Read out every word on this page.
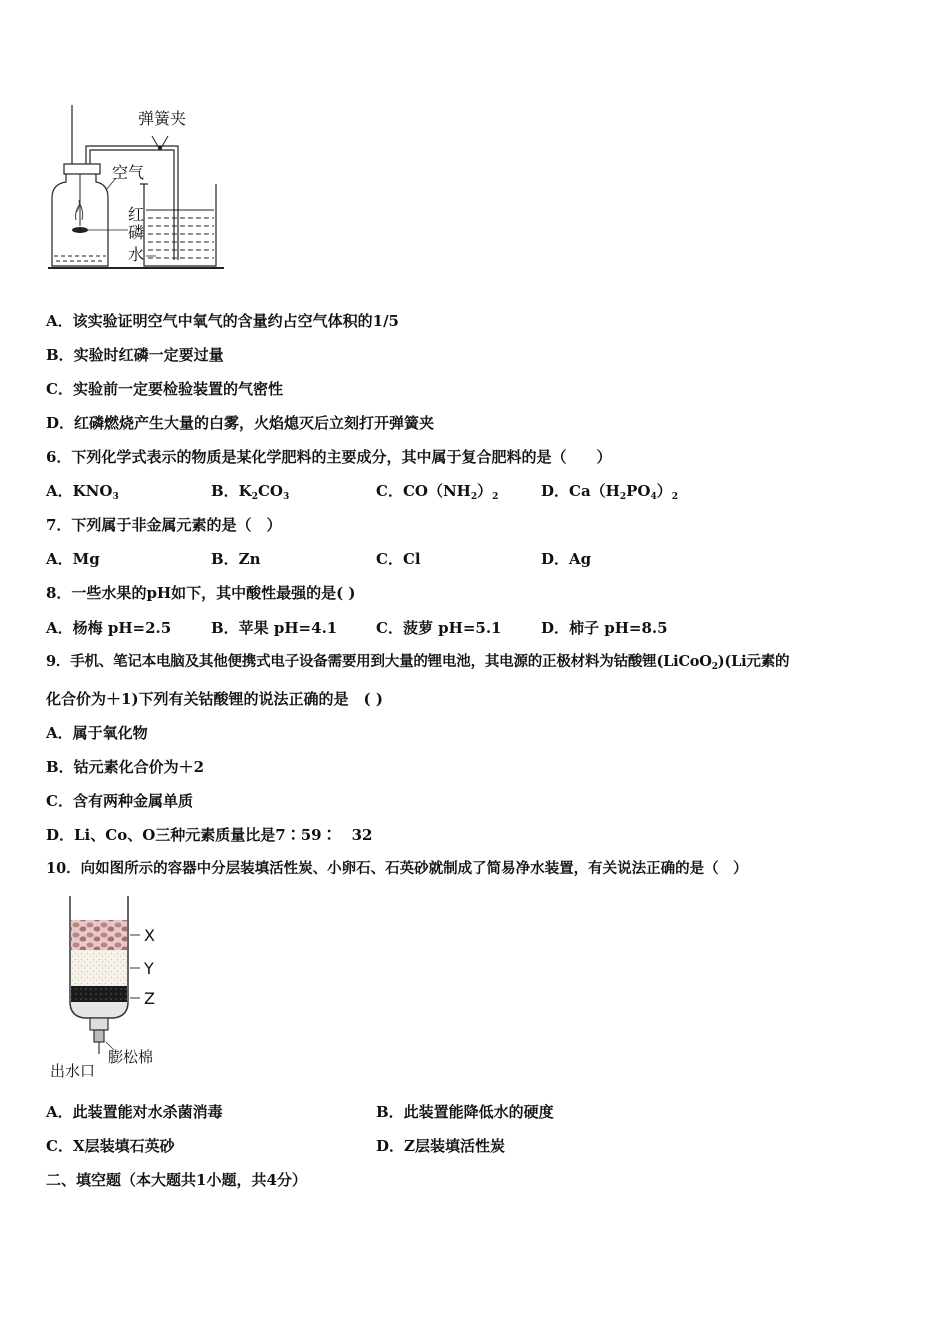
弹簧夹
空气
红
磷
水
A．该实验证明空气中氧气的含量约占空气体积的1/5
B．实验时红磷一定要过量
C．实验前一定要检验装置的气密性
D．红磷燃烧产生大量的白雾，火焰熄灭后立刻打开弹簧夹
6．下列化学式表示的物质是某化学肥料的主要成分，其中属于复合肥料的是（　　）
A．$KNO_3$	B．$K_2CO_3$	C．$CO(NH_2)_2$	D．$Ca(H_2PO_4)_2$
7．下列属于非金属元素的是（　）
A．Mg	B．Zn	C．Cl	D．Ag
8．一些水果的pH如下，其中酸性最强的是( )
A．杨梅 pH=2.5	B．苹果 pH=4.1	C．菠萝 pH=5.1	D．柿子 pH=8.5
9．手机、笔记本电脑及其他便携式电子设备需要用到大量的锂电池，其电源的正极材料为钴酸锂(LiCoO$_2$)(Li元素的
化合价为＋1)下列有关钴酸锂的说法正确的是　( )
A．属于氧化物
B．钴元素化合价为＋2
C．含有两种金属单质
D．Li、Co、O三种元素质量比是7∶59∶　32
10．向如图所示的容器中分层装填活性炭、小卵石、石英砂就制成了简易净水装置，有关说法正确的是（　）
X
Y
Z
膨松棉
出水口
A．此装置能对水杀菌消毒	B．此装置能降低水的硬度
C．X层装填石英砂	D．Z层装填活性炭
二、填空题（本大题共1小题，共4分）
